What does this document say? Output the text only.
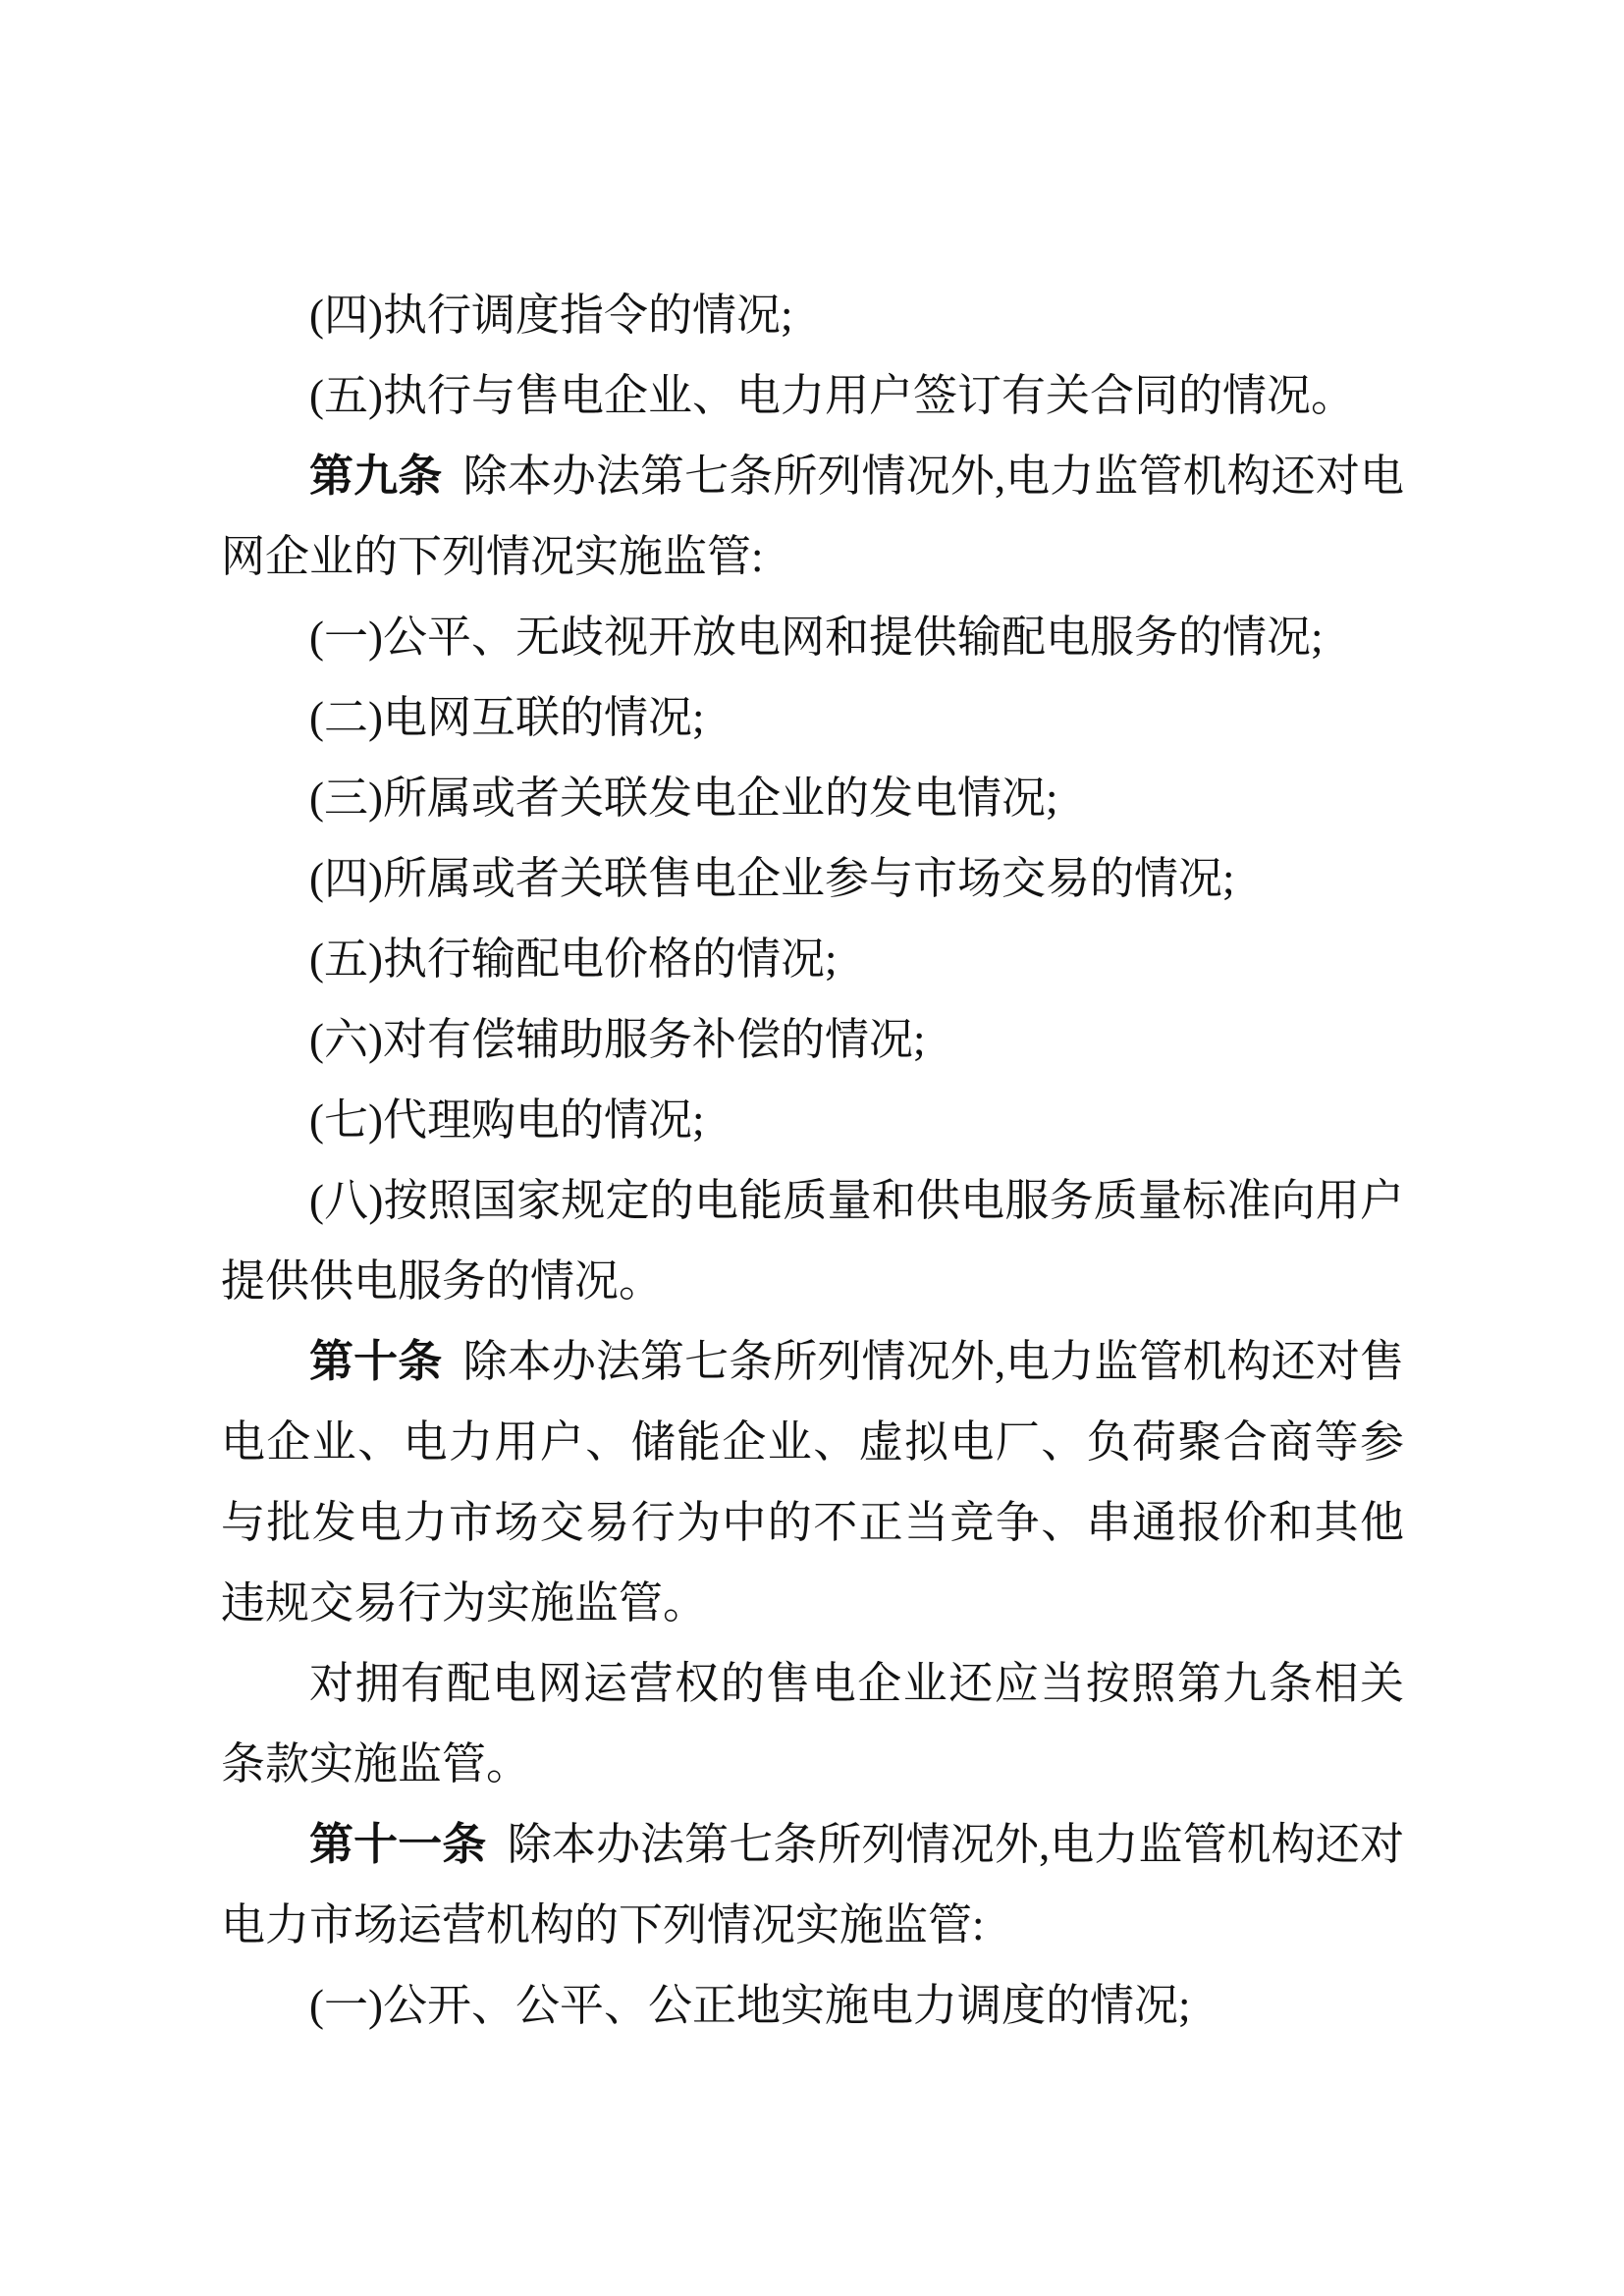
(四)执行调度指令的情况;

(五)执行与售电企业、电力用户签订有关合同的情况。

第九条 除本办法第七条所列情况外,电力监管机构还对电网企业的下列情况实施监管:

(一)公平、无歧视开放电网和提供输配电服务的情况;

(二)电网互联的情况;

(三)所属或者关联发电企业的发电情况;

(四)所属或者关联售电企业参与市场交易的情况;

(五)执行输配电价格的情况;

(六)对有偿辅助服务补偿的情况;

(七)代理购电的情况;

(八)按照国家规定的电能质量和供电服务质量标准向用户提供供电服务的情况。

第十条 除本办法第七条所列情况外,电力监管机构还对售电企业、电力用户、储能企业、虚拟电厂、负荷聚合商等参与批发电力市场交易行为中的不正当竞争、串通报价和其他违规交易行为实施监管。

对拥有配电网运营权的售电企业还应当按照第九条相关条款实施监管。

第十一条 除本办法第七条所列情况外,电力监管机构还对电力市场运营机构的下列情况实施监管:

(一)公开、公平、公正地实施电力调度的情况;
